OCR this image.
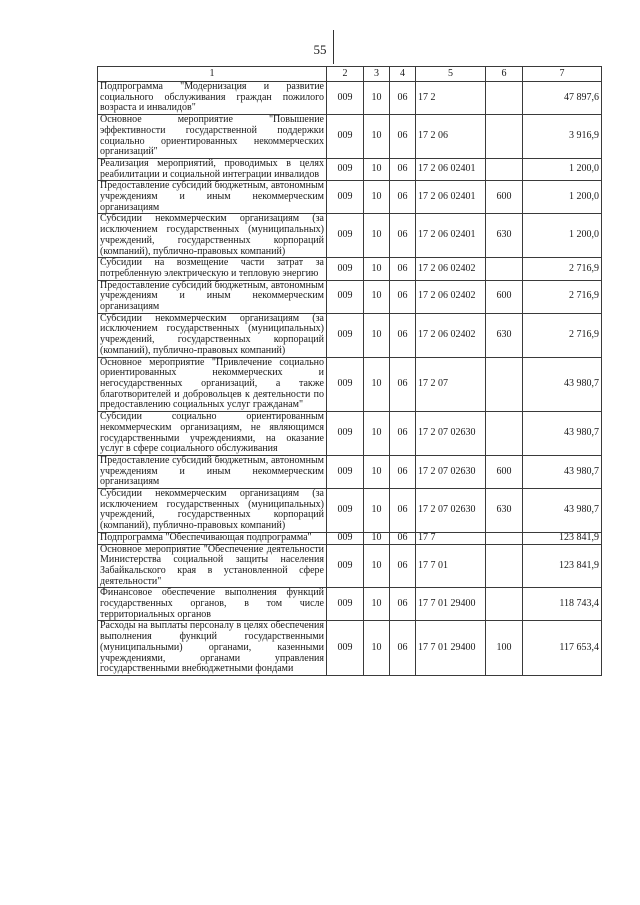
55
1	2	3	4	5	6	7
Подпрограмма "Модернизация и развитие социального обслуживания граждан пожилого возраста и инвалидов"	009	10	06	17 2		47 897,6
Основное мероприятие "Повышение эффективности государственной поддержки социально ориентированных некоммерческих организаций"	009	10	06	17 2 06		3 916,9
Реализация мероприятий, проводимых в целях реабилитации и социальной интеграции инвалидов	009	10	06	17 2 06 02401		1 200,0
Предоставление субсидий бюджетным, автономным учреждениям и иным некоммерческим организациям	009	10	06	17 2 06 02401	600	1 200,0
Субсидии некоммерческим организациям (за исключением государственных (муниципальных) учреждений, государственных корпораций (компаний), публично-правовых компаний)	009	10	06	17 2 06 02401	630	1 200,0
Субсидии на возмещение части затрат за потребленную электрическую и тепловую энергию	009	10	06	17 2 06 02402		2 716,9
Предоставление субсидий бюджетным, автономным учреждениям и иным некоммерческим организациям	009	10	06	17 2 06 02402	600	2 716,9
Субсидии некоммерческим организациям (за исключением государственных (муниципальных) учреждений, государственных корпораций (компаний), публично-правовых компаний)	009	10	06	17 2 06 02402	630	2 716,9
Основное мероприятие "Привлечение социально ориентированных некоммерческих и негосударственных организаций, а также благотворителей и добровольцев к деятельности по предоставлению социальных услуг гражданам"	009	10	06	17 2 07		43 980,7
Субсидии социально ориентированным некоммерческим организациям, не являющимся государственными учреждениями, на оказание услуг в сфере социального обслуживания	009	10	06	17 2 07 02630		43 980,7
Предоставление субсидий бюджетным, автономным учреждениям и иным некоммерческим организациям	009	10	06	17 2 07 02630	600	43 980,7
Субсидии некоммерческим организациям (за исключением государственных (муниципальных) учреждений, государственных корпораций (компаний), публично-правовых компаний)	009	10	06	17 2 07 02630	630	43 980,7
Подпрограмма "Обеспечивающая подпрограмма"	009	10	06	17 7		123 841,9
Основное мероприятие "Обеспечение деятельности Министерства социальной защиты населения Забайкальского края в установленной сфере деятельности"	009	10	06	17 7 01		123 841,9
Финансовое обеспечение выполнения функций государственных органов, в том числе территориальных органов	009	10	06	17 7 01 29400		118 743,4
Расходы на выплаты персоналу в целях обеспечения выполнения функций государственными (муниципальными) органами, казенными учреждениями, органами управления государственными внебюджетными фондами	009	10	06	17 7 01 29400	100	117 653,4
